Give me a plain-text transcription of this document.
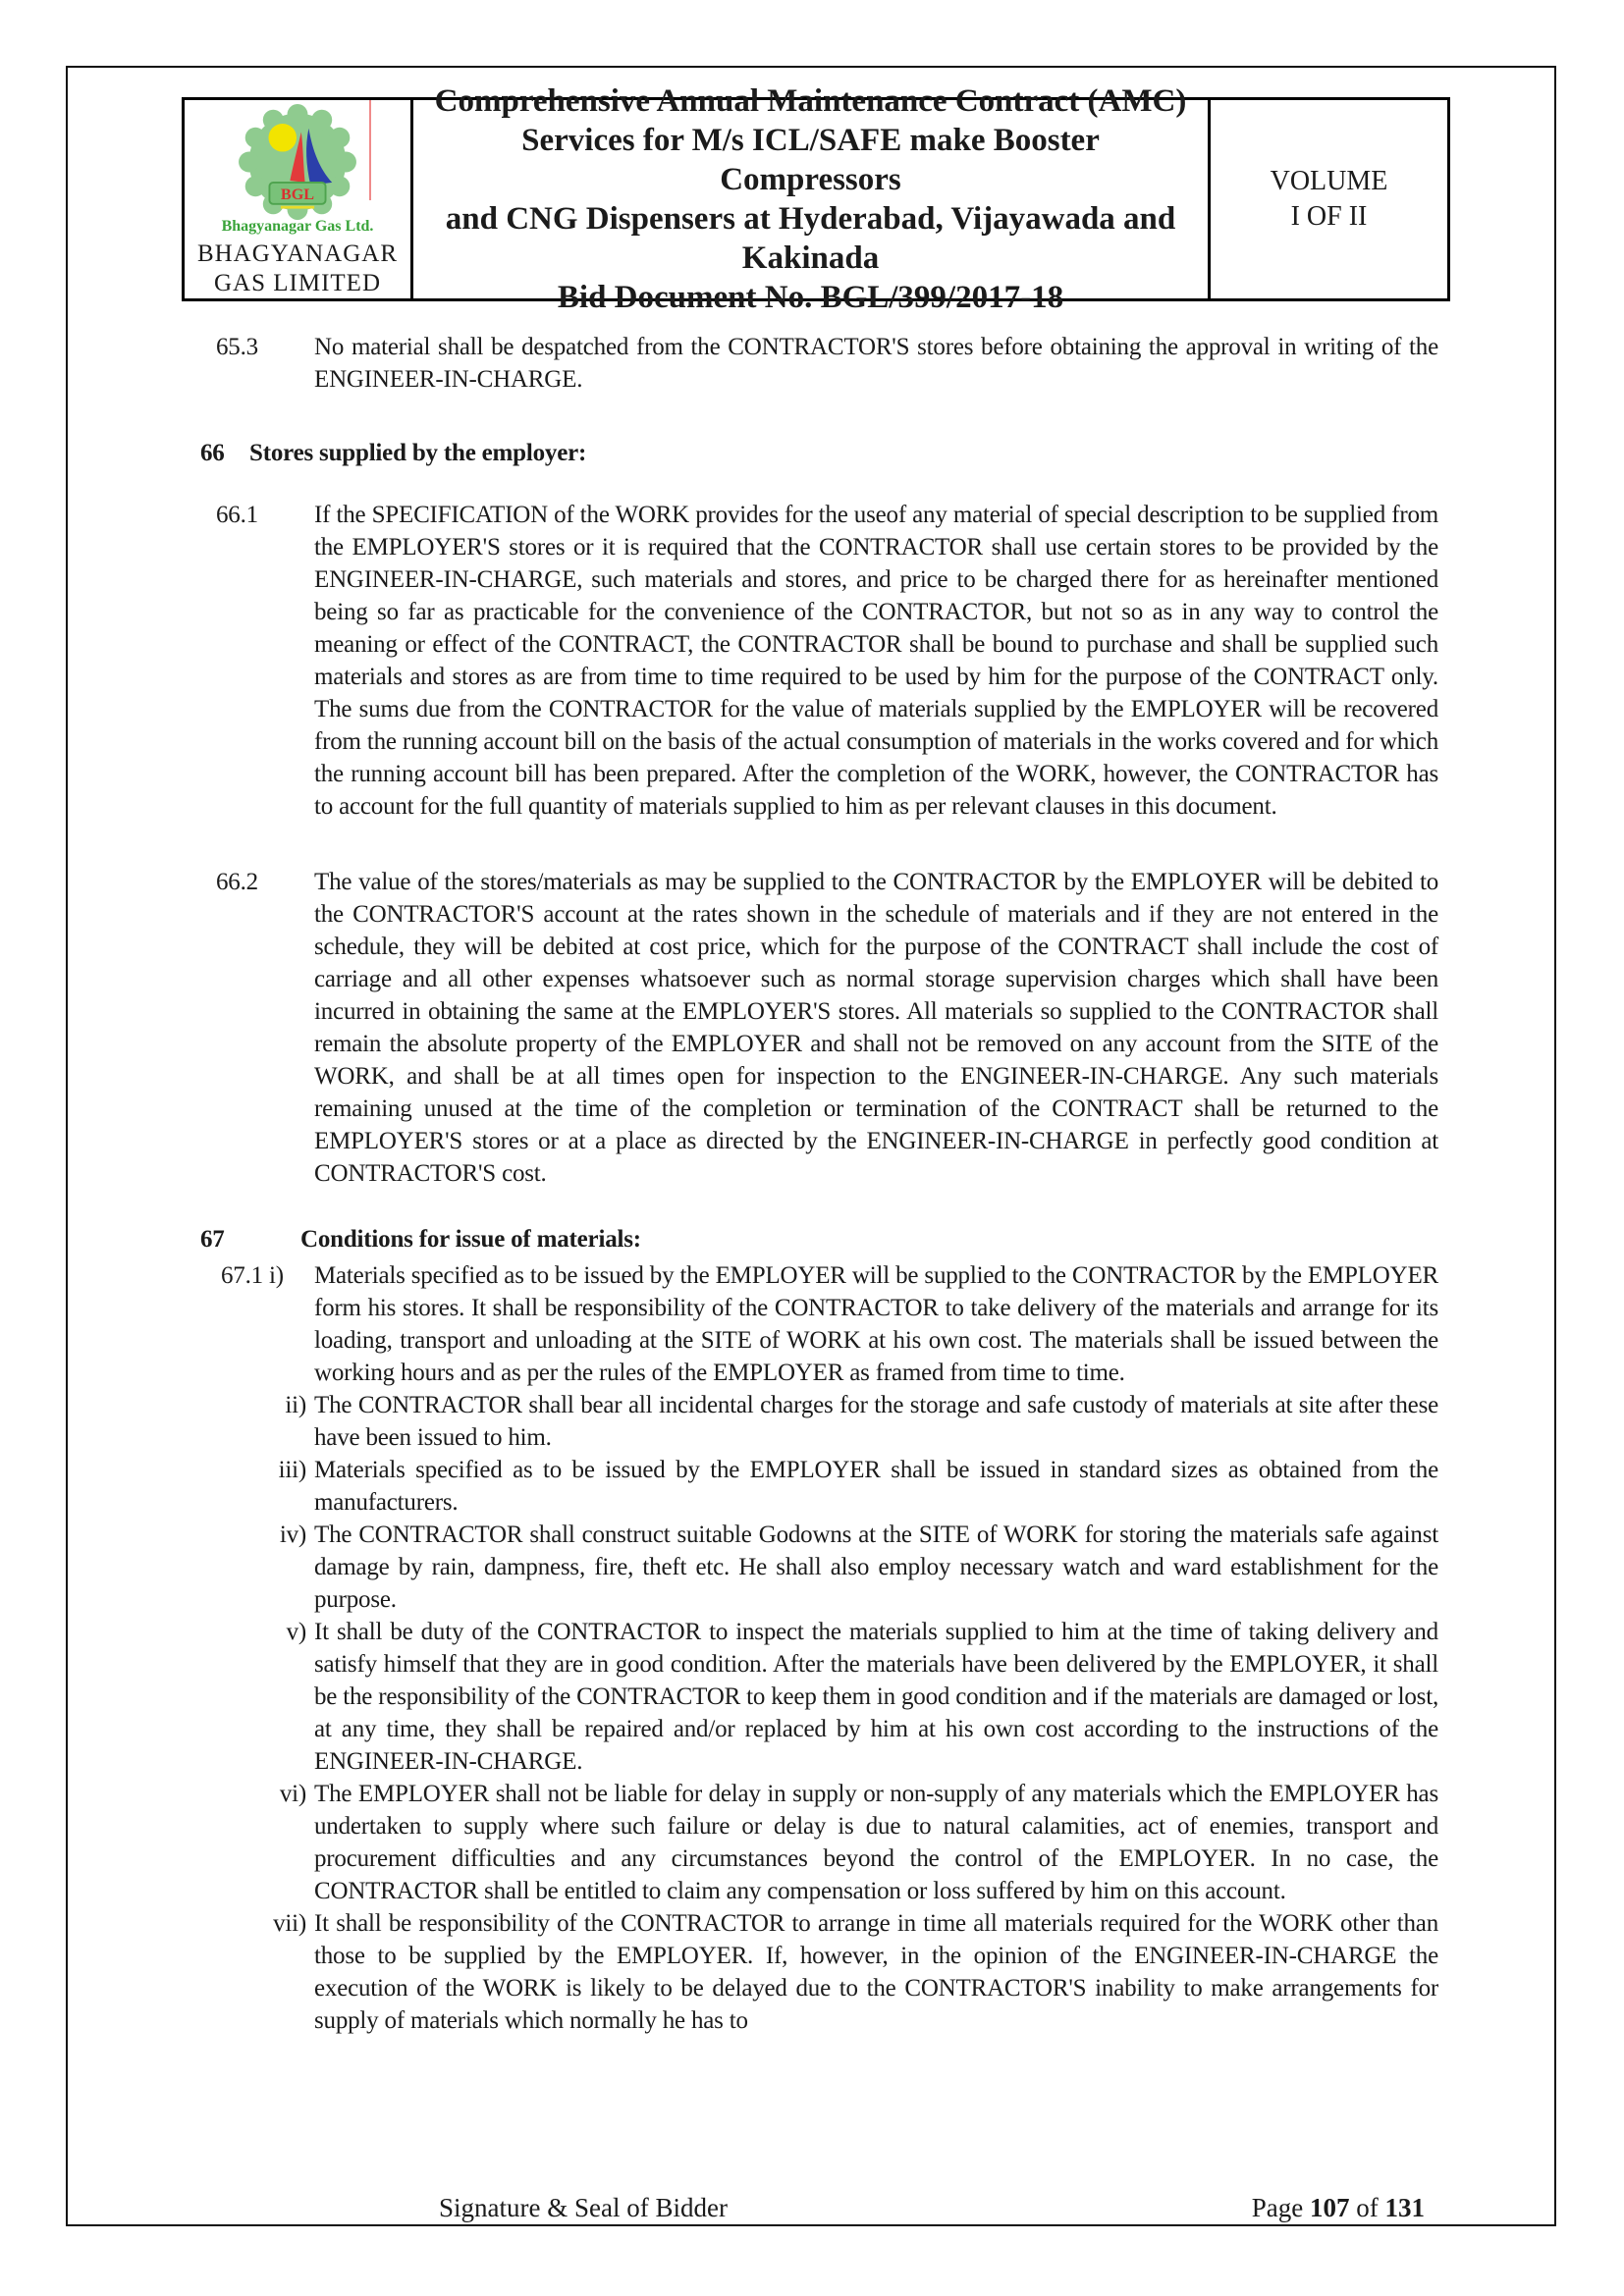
BGL
Bhagyanagar Gas Ltd.
BHAGYANAGAR
GAS LIMITED
Comprehensive Annual Maintenance Contract (AMC)
Services for M/s ICL/SAFE make Booster Compressors
and CNG Dispensers at Hyderabad, Vijayawada and
Kakinada
Bid Document No. BGL/399/2017-18
VOLUME
I OF II
65.3 No material shall be despatched from the CONTRACTOR'S stores before obtaining the approval in writing of the ENGINEER-IN-CHARGE.
66 Stores supplied by the employer:
66.1 If the SPECIFICATION of the WORK provides for the useof any material of special description to be supplied from the EMPLOYER'S stores or it is required that the CONTRACTOR shall use certain stores to be provided by the ENGINEER-IN-CHARGE, such materials and stores, and price to be charged there for as hereinafter mentioned being so far as practicable for the convenience of the CONTRACTOR, but not so as in any way to control the meaning or effect of the CONTRACT, the CONTRACTOR shall be bound to purchase and shall be supplied such materials and stores as are from time to time required to be used by him for the purpose of the CONTRACT only. The sums due from the CONTRACTOR for the value of materials supplied by the EMPLOYER will be recovered from the running account bill on the basis of the actual consumption of materials in the works covered and for which the running account bill has been prepared. After the completion of the WORK, however, the CONTRACTOR has to account for the full quantity of materials supplied to him as per relevant clauses in this document.
66.2 The value of the stores/materials as may be supplied to the CONTRACTOR by the EMPLOYER will be debited to the CONTRACTOR'S account at the rates shown in the schedule of materials and if they are not entered in the schedule, they will be debited at cost price, which for the purpose of the CONTRACT shall include the cost of carriage and all other expenses whatsoever such as normal storage supervision charges which shall have been incurred in obtaining the same at the EMPLOYER'S stores. All materials so supplied to the CONTRACTOR shall remain the absolute property of the EMPLOYER and shall not be removed on any account from the SITE of the WORK, and shall be at all times open for inspection to the ENGINEER-IN-CHARGE. Any such materials remaining unused at the time of the completion or termination of the CONTRACT shall be returned to the EMPLOYER'S stores or at a place as directed by the ENGINEER-IN-CHARGE in perfectly good condition at CONTRACTOR'S cost.
67	Conditions for issue of materials:
67.1 i) Materials specified as to be issued by the EMPLOYER will be supplied to the CONTRACTOR by the EMPLOYER form his stores. It shall be responsibility of the CONTRACTOR to take delivery of the materials and arrange for its loading, transport and unloading at the SITE of WORK at his own cost. The materials shall be issued between the working hours and as per the rules of the EMPLOYER as framed from time to time.
ii) The CONTRACTOR shall bear all incidental charges for the storage and safe custody of materials at site after these have been issued to him.
iii) Materials specified as to be issued by the EMPLOYER shall be issued in standard sizes as obtained from the manufacturers.
iv) The CONTRACTOR shall construct suitable Godowns at the SITE of WORK for storing the materials safe against damage by rain, dampness, fire, theft etc. He shall also employ necessary watch and ward establishment for the purpose.
v) It shall be duty of the CONTRACTOR to inspect the materials supplied to him at the time of taking delivery and satisfy himself that they are in good condition. After the materials have been delivered by the EMPLOYER, it shall be the responsibility of the CONTRACTOR to keep them in good condition and if the materials are damaged or lost, at any time, they shall be repaired and/or replaced by him at his own cost according to the instructions of the ENGINEER-IN-CHARGE.
vi) The EMPLOYER shall not be liable for delay in supply or non-supply of any materials which the EMPLOYER has undertaken to supply where such failure or delay is due to natural calamities, act of enemies, transport and procurement difficulties and any circumstances beyond the control of the EMPLOYER. In no case, the CONTRACTOR shall be entitled to claim any compensation or loss suffered by him on this account.
vii) It shall be responsibility of the CONTRACTOR to arrange in time all materials required for the WORK other than those to be supplied by the EMPLOYER. If, however, in the opinion of the ENGINEER-IN-CHARGE the execution of the WORK is likely to be delayed due to the CONTRACTOR'S inability to make arrangements for supply of materials which normally he has to
Signature & Seal of Bidder	Page 107 of 131
